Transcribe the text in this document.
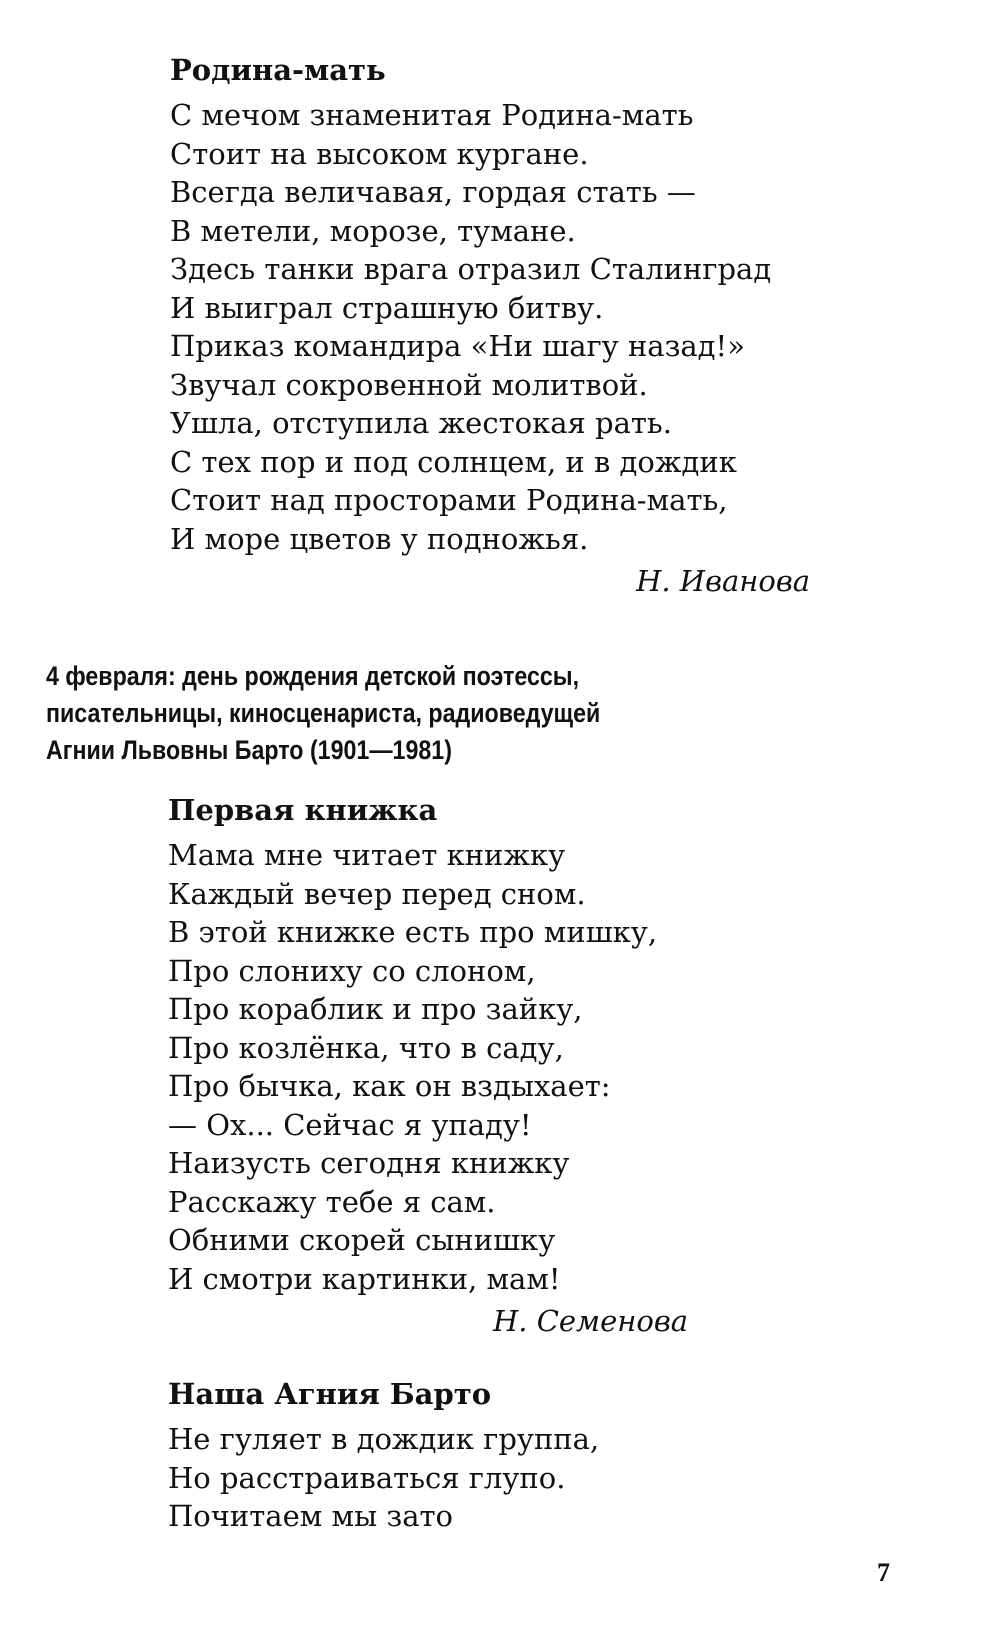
Родина-мать
С мечом знаменитая Родина-мать
Стоит на высоком кургане.
Всегда величавая, гордая стать —
В метели, морозе, тумане.
Здесь танки врага отразил Сталинград
И выиграл страшную битву.
Приказ командира «Ни шагу назад!»
Звучал сокровенной молитвой.
Ушла, отступила жестокая рать.
С тех пор и под солнцем, и в дождик
Стоит над просторами Родина-мать,
И море цветов у подножья.
Н. Иванова
4 февраля: день рождения детской поэтессы,
писательницы, киносценариста, радиоведущей
Агнии Львовны Барто (1901—1981)
Первая книжка
Мама мне читает книжку
Каждый вечер перед сном.
В этой книжке есть про мишку,
Про слониху со слоном,
Про кораблик и про зайку,
Про козлёнка, что в саду,
Про бычка, как он вздыхает:
— Ох... Сейчас я упаду!
Наизусть сегодня книжку
Расскажу тебе я сам.
Обними скорей сынишку
И смотри картинки, мам!
Н. Семенова
Наша Агния Барто
Не гуляет в дождик группа,
Но расстраиваться глупо.
Почитаем мы зато
7
